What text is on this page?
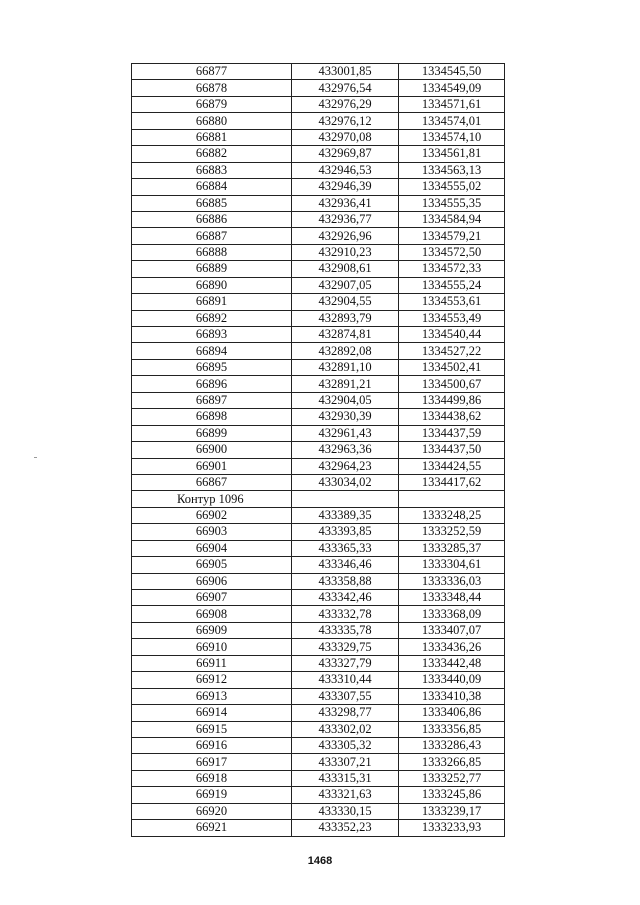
66877	433001,85	1334545,50
66878	432976,54	1334549,09
66879	432976,29	1334571,61
66880	432976,12	1334574,01
66881	432970,08	1334574,10
66882	432969,87	1334561,81
66883	432946,53	1334563,13
66884	432946,39	1334555,02
66885	432936,41	1334555,35
66886	432936,77	1334584,94
66887	432926,96	1334579,21
66888	432910,23	1334572,50
66889	432908,61	1334572,33
66890	432907,05	1334555,24
66891	432904,55	1334553,61
66892	432893,79	1334553,49
66893	432874,81	1334540,44
66894	432892,08	1334527,22
66895	432891,10	1334502,41
66896	432891,21	1334500,67
66897	432904,05	1334499,86
66898	432930,39	1334438,62
66899	432961,43	1334437,59
66900	432963,36	1334437,50
66901	432964,23	1334424,55
66867	433034,02	1334417,62
Контур 1096		
66902	433389,35	1333248,25
66903	433393,85	1333252,59
66904	433365,33	1333285,37
66905	433346,46	1333304,61
66906	433358,88	1333336,03
66907	433342,46	1333348,44
66908	433332,78	1333368,09
66909	433335,78	1333407,07
66910	433329,75	1333436,26
66911	433327,79	1333442,48
66912	433310,44	1333440,09
66913	433307,55	1333410,38
66914	433298,77	1333406,86
66915	433302,02	1333356,85
66916	433305,32	1333286,43
66917	433307,21	1333266,85
66918	433315,31	1333252,77
66919	433321,63	1333245,86
66920	433330,15	1333239,17
66921	433352,23	1333233,93
1468
